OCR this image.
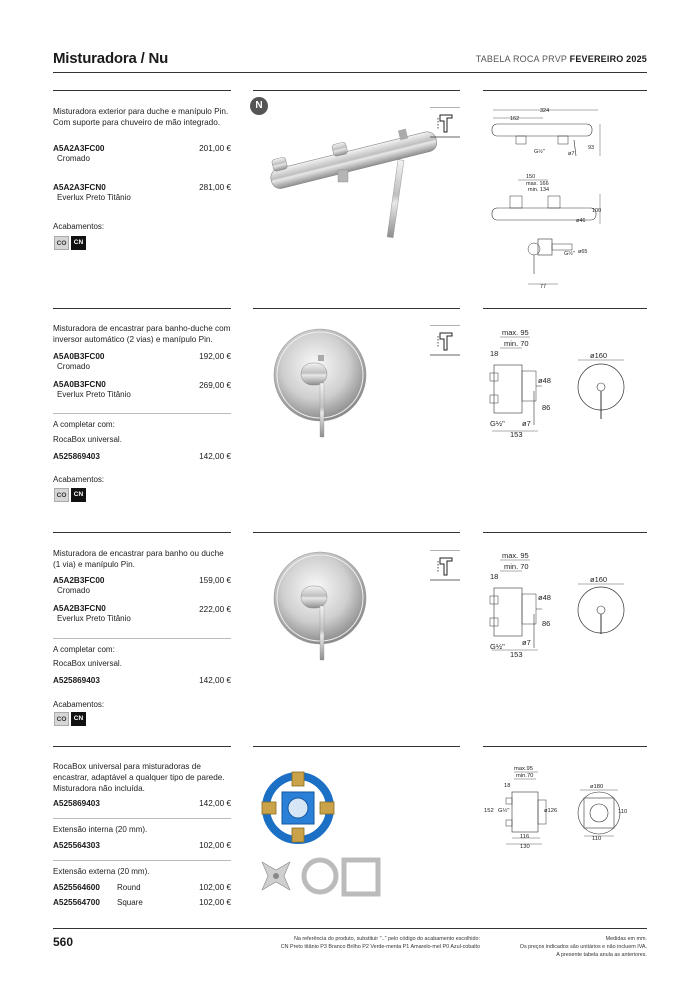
Misturadora / Nu	TABELA ROCA PRVP FEVEREIRO 2025
Misturadora exterior para duche e manípulo Pin. Com suporte para chuveiro de mão integrado.
A5A2A3FC00	201,00 €
Cromado
A5A2A3FCN0	281,00 €
Everlux Preto Titânio
Acabamentos:
CO	CN
N	324
162
G½"	ø7
93
150
max. 166
min. 134
100
ø46
G½" ø65
77
Misturadora de encastrar para banho-duche com inversor automático (2 vias) e manípulo Pin.
A5A0B3FC00	192,00 €
Cromado
A5A0B3FCN0	269,00 €
Everlux Preto Titânio
A completar com:
RocaBox universal.
A525869403	142,00 €
Acabamentos:
CO	CN
max. 95
min. 70
18
ø48
86
G½" ø7
153
ø160
Misturadora de encastrar para banho ou duche (1 via) e manípulo Pin.
A5A2B3FC00	159,00 €
Cromado
A5A2B3FCN0	222,00 €
Everlux Preto Titânio
A completar com:
RocaBox universal.
A525869403	142,00 €
Acabamentos:
CO	CN
max. 95
min. 70
18
ø48
86
G½" ø7
153
ø160
RocaBox universal para misturadoras de encastrar, adaptável a qualquer tipo de parede. Misturadora não incluída.
A525869403	142,00 €
Extensão interna (20 mm).
A525564303	102,00 €
Extensão externa (20 mm).
A525564600 Round	102,00 €
A525564700 Square	102,00 €
max.95
min.70
18
152 G½"	ø126
116
130
ø180
110
110
560	Na referência do produto, substituir ".." pelo código do acabamento escolhido:
CN Preto titânio P3 Branco Brilho P2 Verde-menta P1 Amarelo-mel P0 Azul-cobalto
Medidas em mm.
Os preços indicados são unitários e não incluem IVA.
A presente tabela anula as anteriores.
